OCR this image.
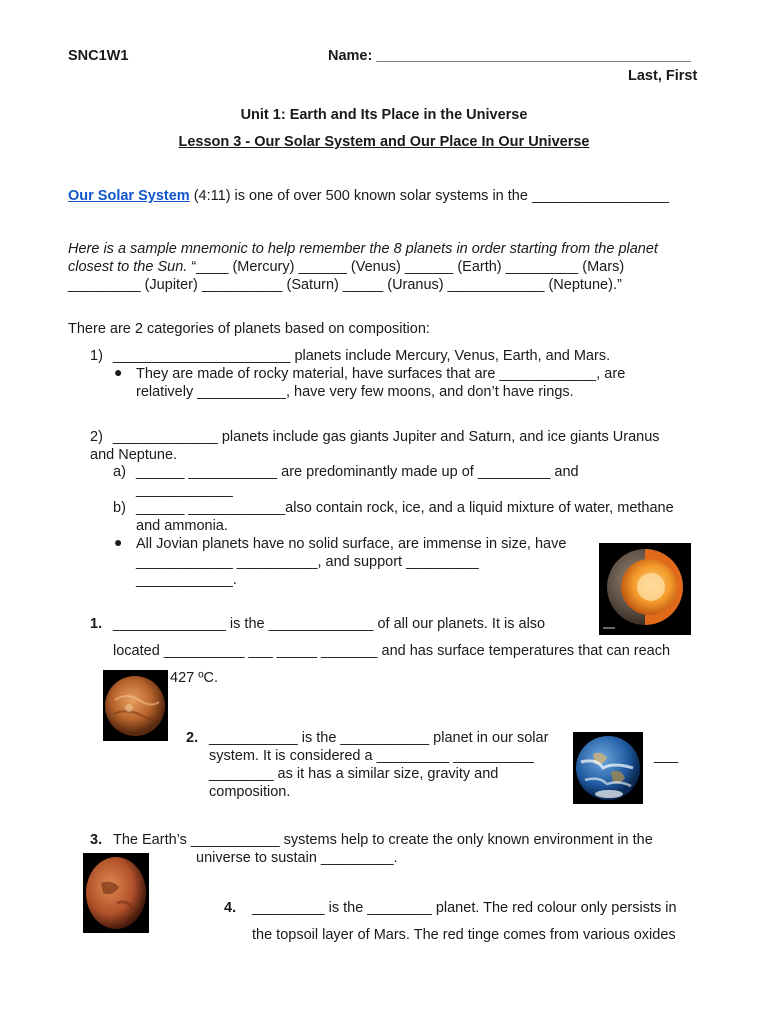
SNC1W1	Name: _______________________________________
Last, First
Unit 1: Earth and Its Place in the Universe
Lesson 3 - Our Solar System and Our Place In Our Universe
Our Solar System (4:11) is one of over 500 known solar systems in the _________________
Here is a sample mnemonic to help remember the 8 planets in order starting from the planet
closest to the Sun. “____ (Mercury) ______ (Venus) ______ (Earth) _________ (Mars)
_________ (Jupiter) __________ (Saturn) _____ (Uranus) ____________ (Neptune).”
There are 2 categories of planets based on composition:
1) ______________________ planets include Mercury, Venus, Earth, and Mars.
● They are made of rocky material, have surfaces that are ____________, are
relatively ___________, have very few moons, and don’t have rings.
2) _____________ planets include gas giants Jupiter and Saturn, and ice giants Uranus
and Neptune.
a) ______ ___________ are predominantly made up of _________ and
____________
b) ______ ____________also contain rock, ice, and a liquid mixture of water, methane
and ammonia.
● All Jovian planets have no solid surface, are immense in size, have
____________ __________, and support _________
____________.
1. ______________ is the _____________ of all our planets. It is also
located __________ ___ _____ _______ and has surface temperatures that can reach
427 ºC.
2. ___________ is the ___________ planet in our solar
system. It is considered a _________ __________	___
________ as it has a similar size, gravity and
composition.
3. The Earth’s ___________ systems help to create the only known environment in the
universe to sustain _________.
4. _________ is the ________ planet. The red colour only persists in
the topsoil layer of Mars. The red tinge comes from various oxides
